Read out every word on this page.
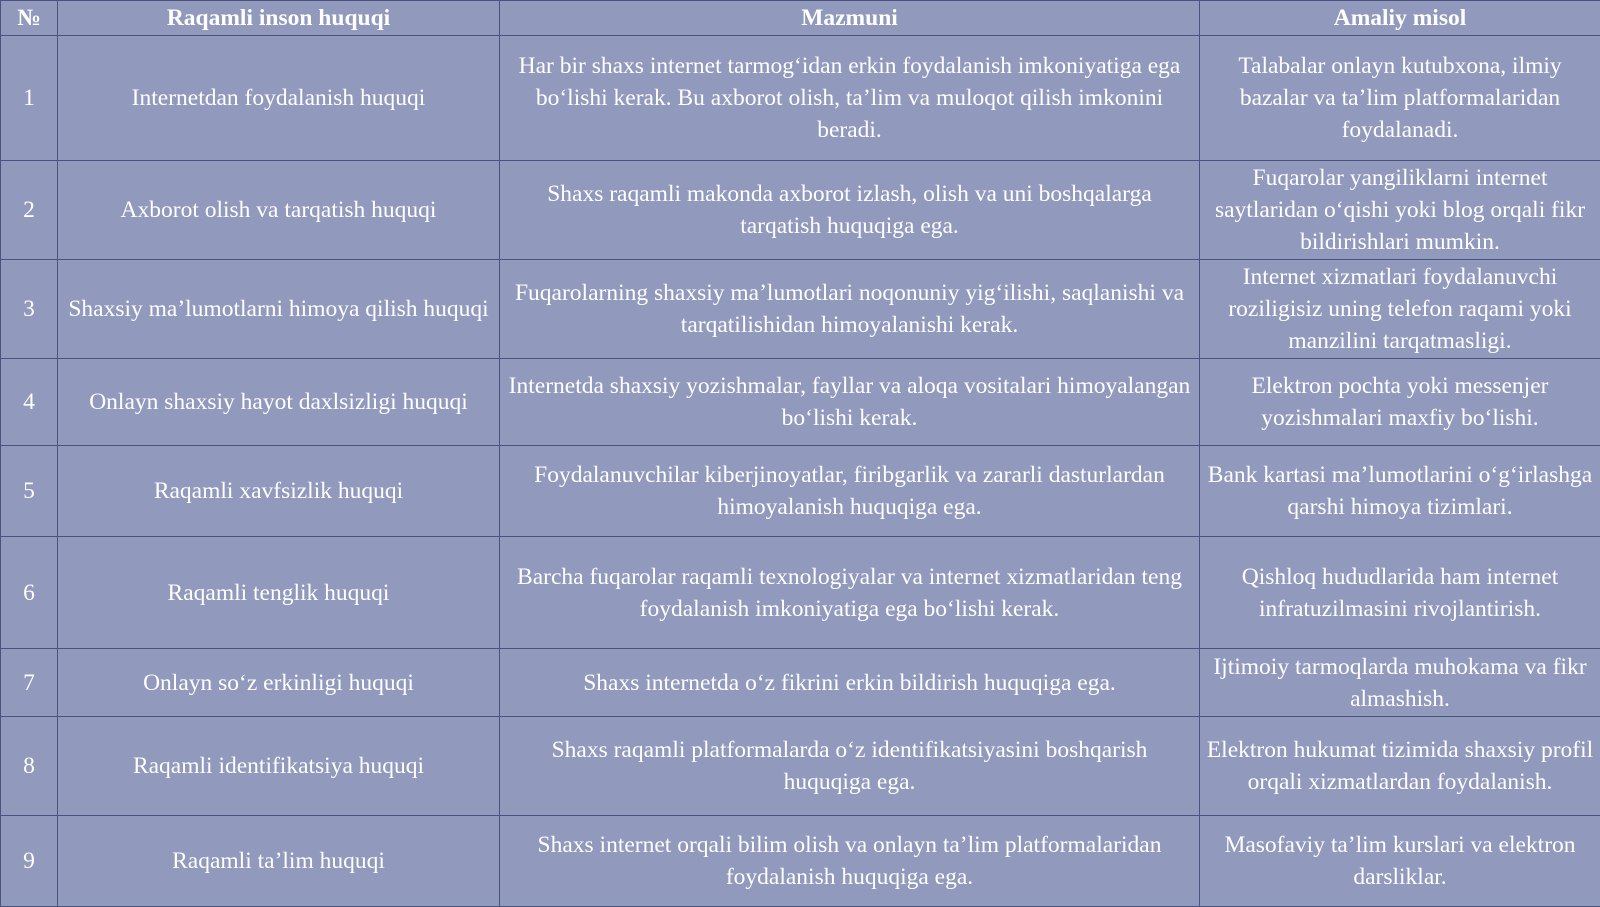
№	Raqamli inson huquqi	Mazmuni	Amaliy misol
1	Internetdan foydalanish huquqi	Har bir shaxs internet tarmog‘idan erkin foydalanish imkoniyatiga ega bo‘lishi kerak. Bu axborot olish, ta’lim va muloqot qilish imkonini beradi.	Talabalar onlayn kutubxona, ilmiy bazalar va ta’lim platformalaridan foydalanadi.
2	Axborot olish va tarqatish huquqi	Shaxs raqamli makonda axborot izlash, olish va uni boshqalarga tarqatish huquqiga ega.	Fuqarolar yangiliklarni internet saytlaridan o‘qishi yoki blog orqali fikr bildirishlari mumkin.
3	Shaxsiy ma’lumotlarni himoya qilish huquqi	Fuqarolarning shaxsiy ma’lumotlari noqonuniy yig‘ilishi, saqlanishi va tarqatilishidan himoyalanishi kerak.	Internet xizmatlari foydalanuvchi roziligisiz uning telefon raqami yoki manzilini tarqatmasligi.
4	Onlayn shaxsiy hayot daxlsizligi huquqi	Internetda shaxsiy yozishmalar, fayllar va aloqa vositalari himoyalangan bo‘lishi kerak.	Elektron pochta yoki messenjer yozishmalari maxfiy bo‘lishi.
5	Raqamli xavfsizlik huquqi	Foydalanuvchilar kiberjinoyatlar, firibgarlik va zararli dasturlardan himoyalanish huquqiga ega.	Bank kartasi ma’lumotlarini o‘g‘irlashga qarshi himoya tizimlari.
6	Raqamli tenglik huquqi	Barcha fuqarolar raqamli texnologiyalar va internet xizmatlaridan teng foydalanish imkoniyatiga ega bo‘lishi kerak.	Qishloq hududlarida ham internet infratuzilmasini rivojlantirish.
7	Onlayn so‘z erkinligi huquqi	Shaxs internetda o‘z fikrini erkin bildirish huquqiga ega.	Ijtimoiy tarmoqlarda muhokama va fikr almashish.
8	Raqamli identifikatsiya huquqi	Shaxs raqamli platformalarda o‘z identifikatsiyasini boshqarish huquqiga ega.	Elektron hukumat tizimida shaxsiy profil orqali xizmatlardan foydalanish.
9	Raqamli ta’lim huquqi	Shaxs internet orqali bilim olish va onlayn ta’lim platformalaridan foydalanish huquqiga ega.	Masofaviy ta’lim kurslari va elektron darsliklar.
